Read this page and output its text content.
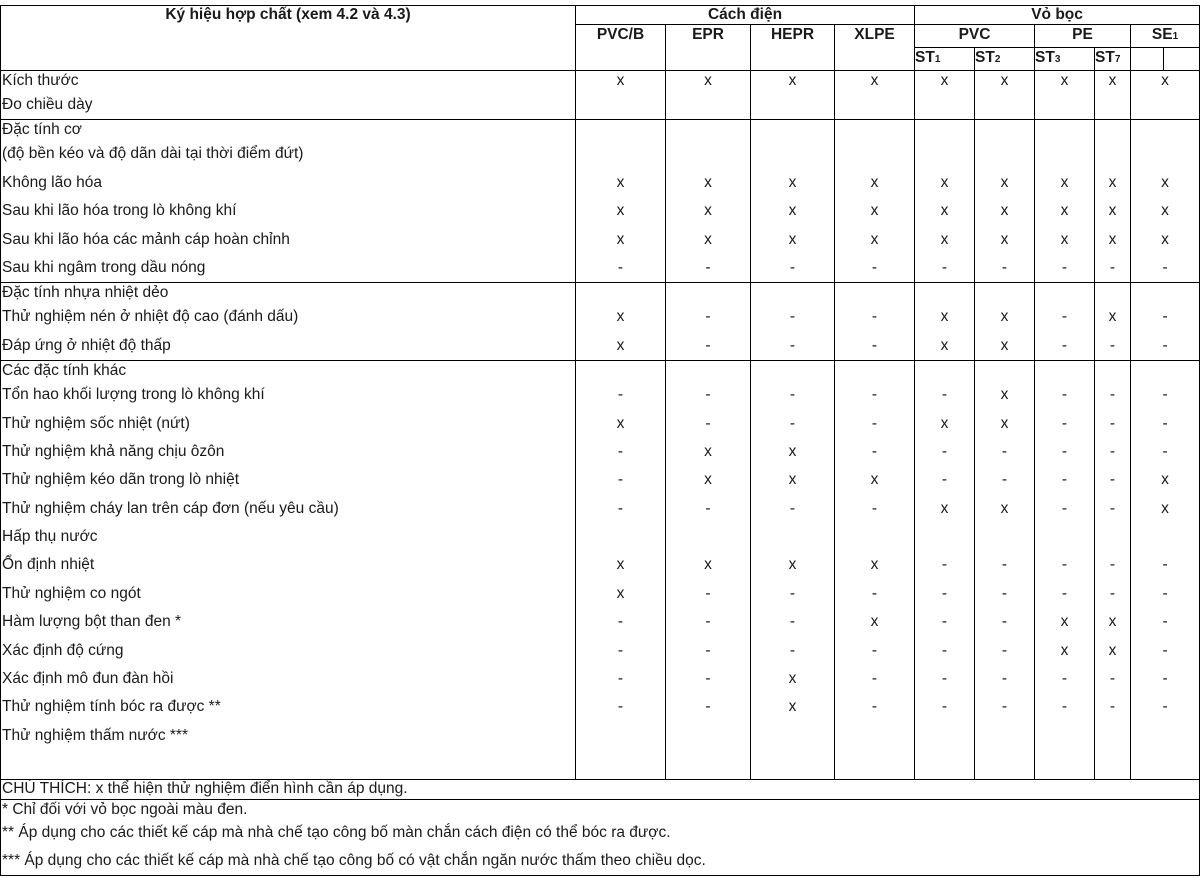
Ký hiệu hợp chất (xem 4.2 và 4.3)	Cách điện				Vỏ bọc					
	PVC/B	EPR	HEPR	XLPE	PVC		PE		SE1	
					ST1	ST2	ST3	ST7		
Kích thước	x	x	x	x	x	x	x	x	x	
Đo chiều dày										
Đặc tính cơ										
(độ bền kéo và độ dãn dài tại thời điểm đứt)										
Không lão hóa	x	x	x	x	x	x	x	x	x	
Sau khi lão hóa trong lò không khí	x	x	x	x	x	x	x	x	x	
Sau khi lão hóa các mảnh cáp hoàn chỉnh	x	x	x	x	x	x	x	x	x	
Sau khi ngâm trong dầu nóng	-	-	-	-	-	-	-	-	-	
Đặc tính nhựa nhiệt dẻo										
Thử nghiệm nén ở nhiệt độ cao (đánh dấu)	x	-	-	-	x	x	-	x	-	
Đáp ứng ở nhiệt độ thấp	x	-	-	-	x	x	-	-	-	
Các đặc tính khác										
Tổn hao khối lượng trong lò không khí	-	-	-	-	-	x	-	-	-	
Thử nghiệm sốc nhiệt (nứt)	x	-	-	-	x	x	-	-	-	
Thử nghiệm khả năng chịu ôzôn	-	x	x	-	-	-	-	-	-	
Thử nghiệm kéo dãn trong lò nhiệt	-	x	x	x	-	-	-	-	x	
Thử nghiệm cháy lan trên cáp đơn (nếu yêu cầu)	-	-	-	-	x	x	-	-	x	
Hấp thụ nước										
Ổn định nhiệt	x	x	x	x	-	-	-	-	-	
Thử nghiệm co ngót	x	-	-	-	-	-	-	-	-	
Hàm lượng bột than đen *	-	-	-	x	-	-	x	x	-	
Xác định độ cứng	-	-	-	-	-	-	x	x	-	
Xác định mô đun đàn hồi	-	-	x	-	-	-	-	-	-	
Thử nghiệm tính bóc ra được **	-	-	x	-	-	-	-	-	-	
Thử nghiệm thấm nước ***										

CHÚ THÍCH: x thể hiện thử nghiệm điển hình cần áp dụng.										
* Chỉ đối với vỏ bọc ngoài màu đen.										
** Áp dụng cho các thiết kế cáp mà nhà chế tạo công bố màn chắn cách điện có thể bóc ra được.										
*** Áp dụng cho các thiết kế cáp mà nhà chế tạo công bố có vật chắn ngăn nước thấm theo chiều dọc.										
